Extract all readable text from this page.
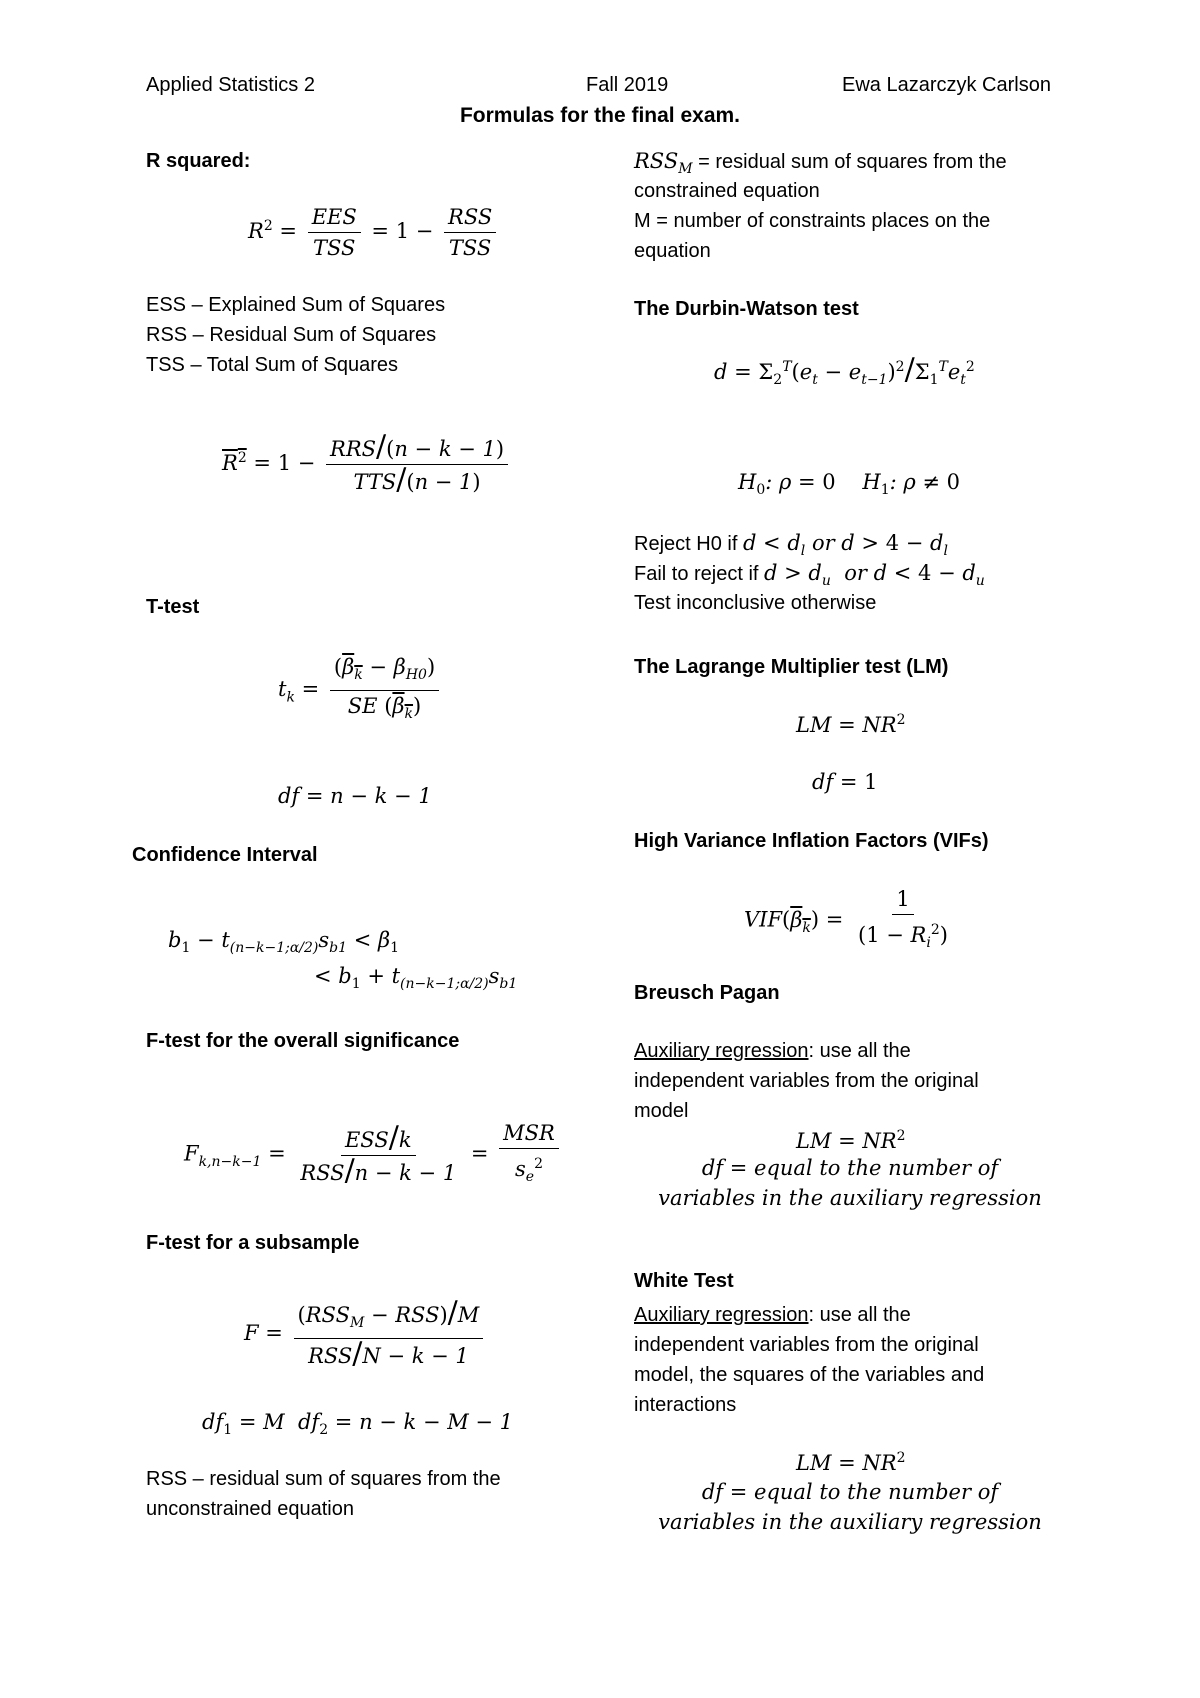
Applied Statistics 2	Fall 2019	Ewa Lazarczyk Carlson
Formulas for the final exam.
R squared:
$R^2 = \frac{\text{EES}}{\text{TSS}} = 1 - \frac{\text{RSS}}{\text{TSS}}$
ESS – Explained Sum of Squares
RSS – Residual Sum of Squares
TSS – Total Sum of Squares
$R^2 = 1 - \frac{\text{RRS/(n − k − 1)}}{\text{TTS/(n − 1)}}$
T-test
$t_k = \frac{(\beta_k - \beta_{H0})}{SE (\beta_k)}$
df = n − k − 1
Confidence Interval
$b_1 - t_{(n-k-1;\alpha/2)}s_{b1} < \beta_1$
< $b_1 + t_{(n-k-1;\alpha/2)}s_{b1}$
F-test for the overall significance
$F_{k,n-k-1} = \frac{\text{ESS/k}}{\text{RSS/n − k − 1}} = \frac{\text{MSR}}{s_e^2}$
F-test for a subsample
$F = \frac{(RSS_M - RSS)/M}{\text{RSS/N − k − 1}}$
$df_1 = M$  $df_2 = n - k - M - 1$
RSS – residual sum of squares from the
unconstrained equation
$RSS_M$ = residual sum of squares from the
constrained equation
M = number of constraints places on the
equation
The Durbin-Watson test
$d = \Sigma_2^T(e_t - e_{t-1})^2/\Sigma_1^Te_t^2$
$H_0$: ρ = 0    $H_1$: ρ ≠ 0
Reject H0 if $d < d_l$ or $d > 4 - d_l$
Fail to reject if $d > d_u$  or $d < 4 - d_u$
Test inconclusive otherwise
The Lagrange Multiplier test (LM)
LM = $NR^2$
df = 1
High Variance Inflation Factors (VIFs)
$VIF(\beta_k) = \frac{1}{(1 - R_i^2)}$
Breusch Pagan
Auxiliary regression: use all the
independent variables from the original
model
LM = $NR^2$
df = equal to the number of
variables in the auxiliary regression
White Test
Auxiliary regression: use all the
independent variables from the original
model, the squares of the variables and
interactions
LM = $NR^2$
df = equal to the number of
variables in the auxiliary regression
